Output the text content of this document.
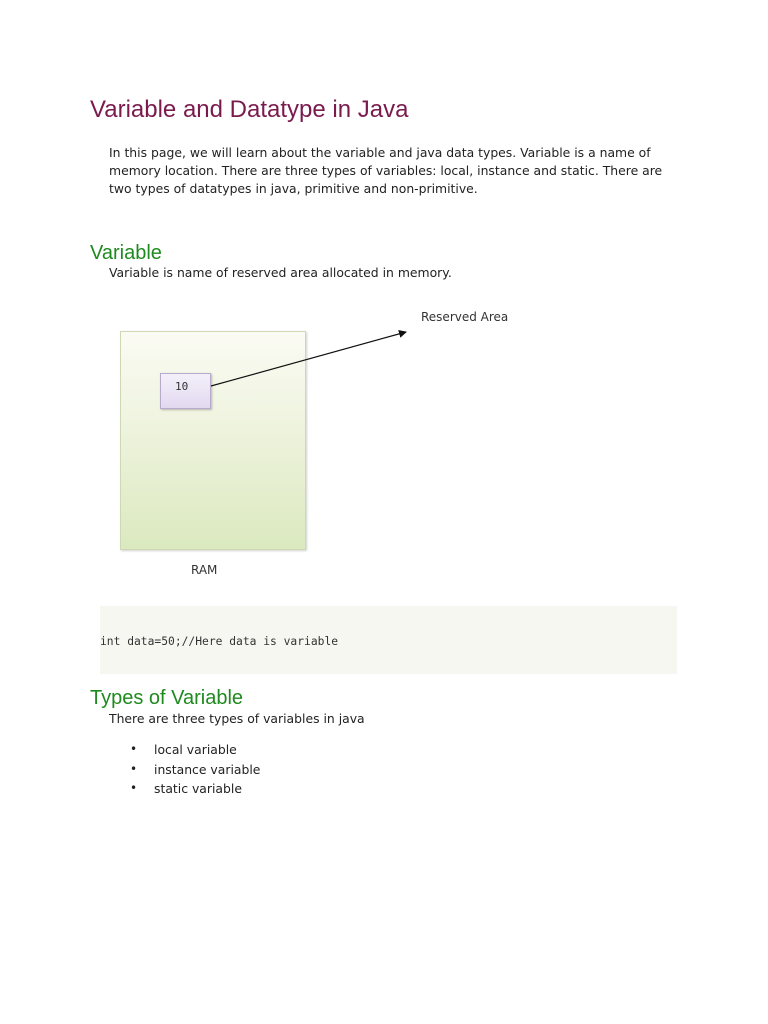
Variable and Datatype in Java

In this page, we will learn about the variable and java data types. Variable is a name of memory location. There are three types of variables: local, instance and static. There are two types of datatypes in java, primitive and non-primitive.

Variable

Variable is name of reserved area allocated in memory.

10
Reserved Area
RAM
int data=50;//Here data is variable
Types of Variable

There are three types of variables in java

• local variable
• instance variable
• static variable
